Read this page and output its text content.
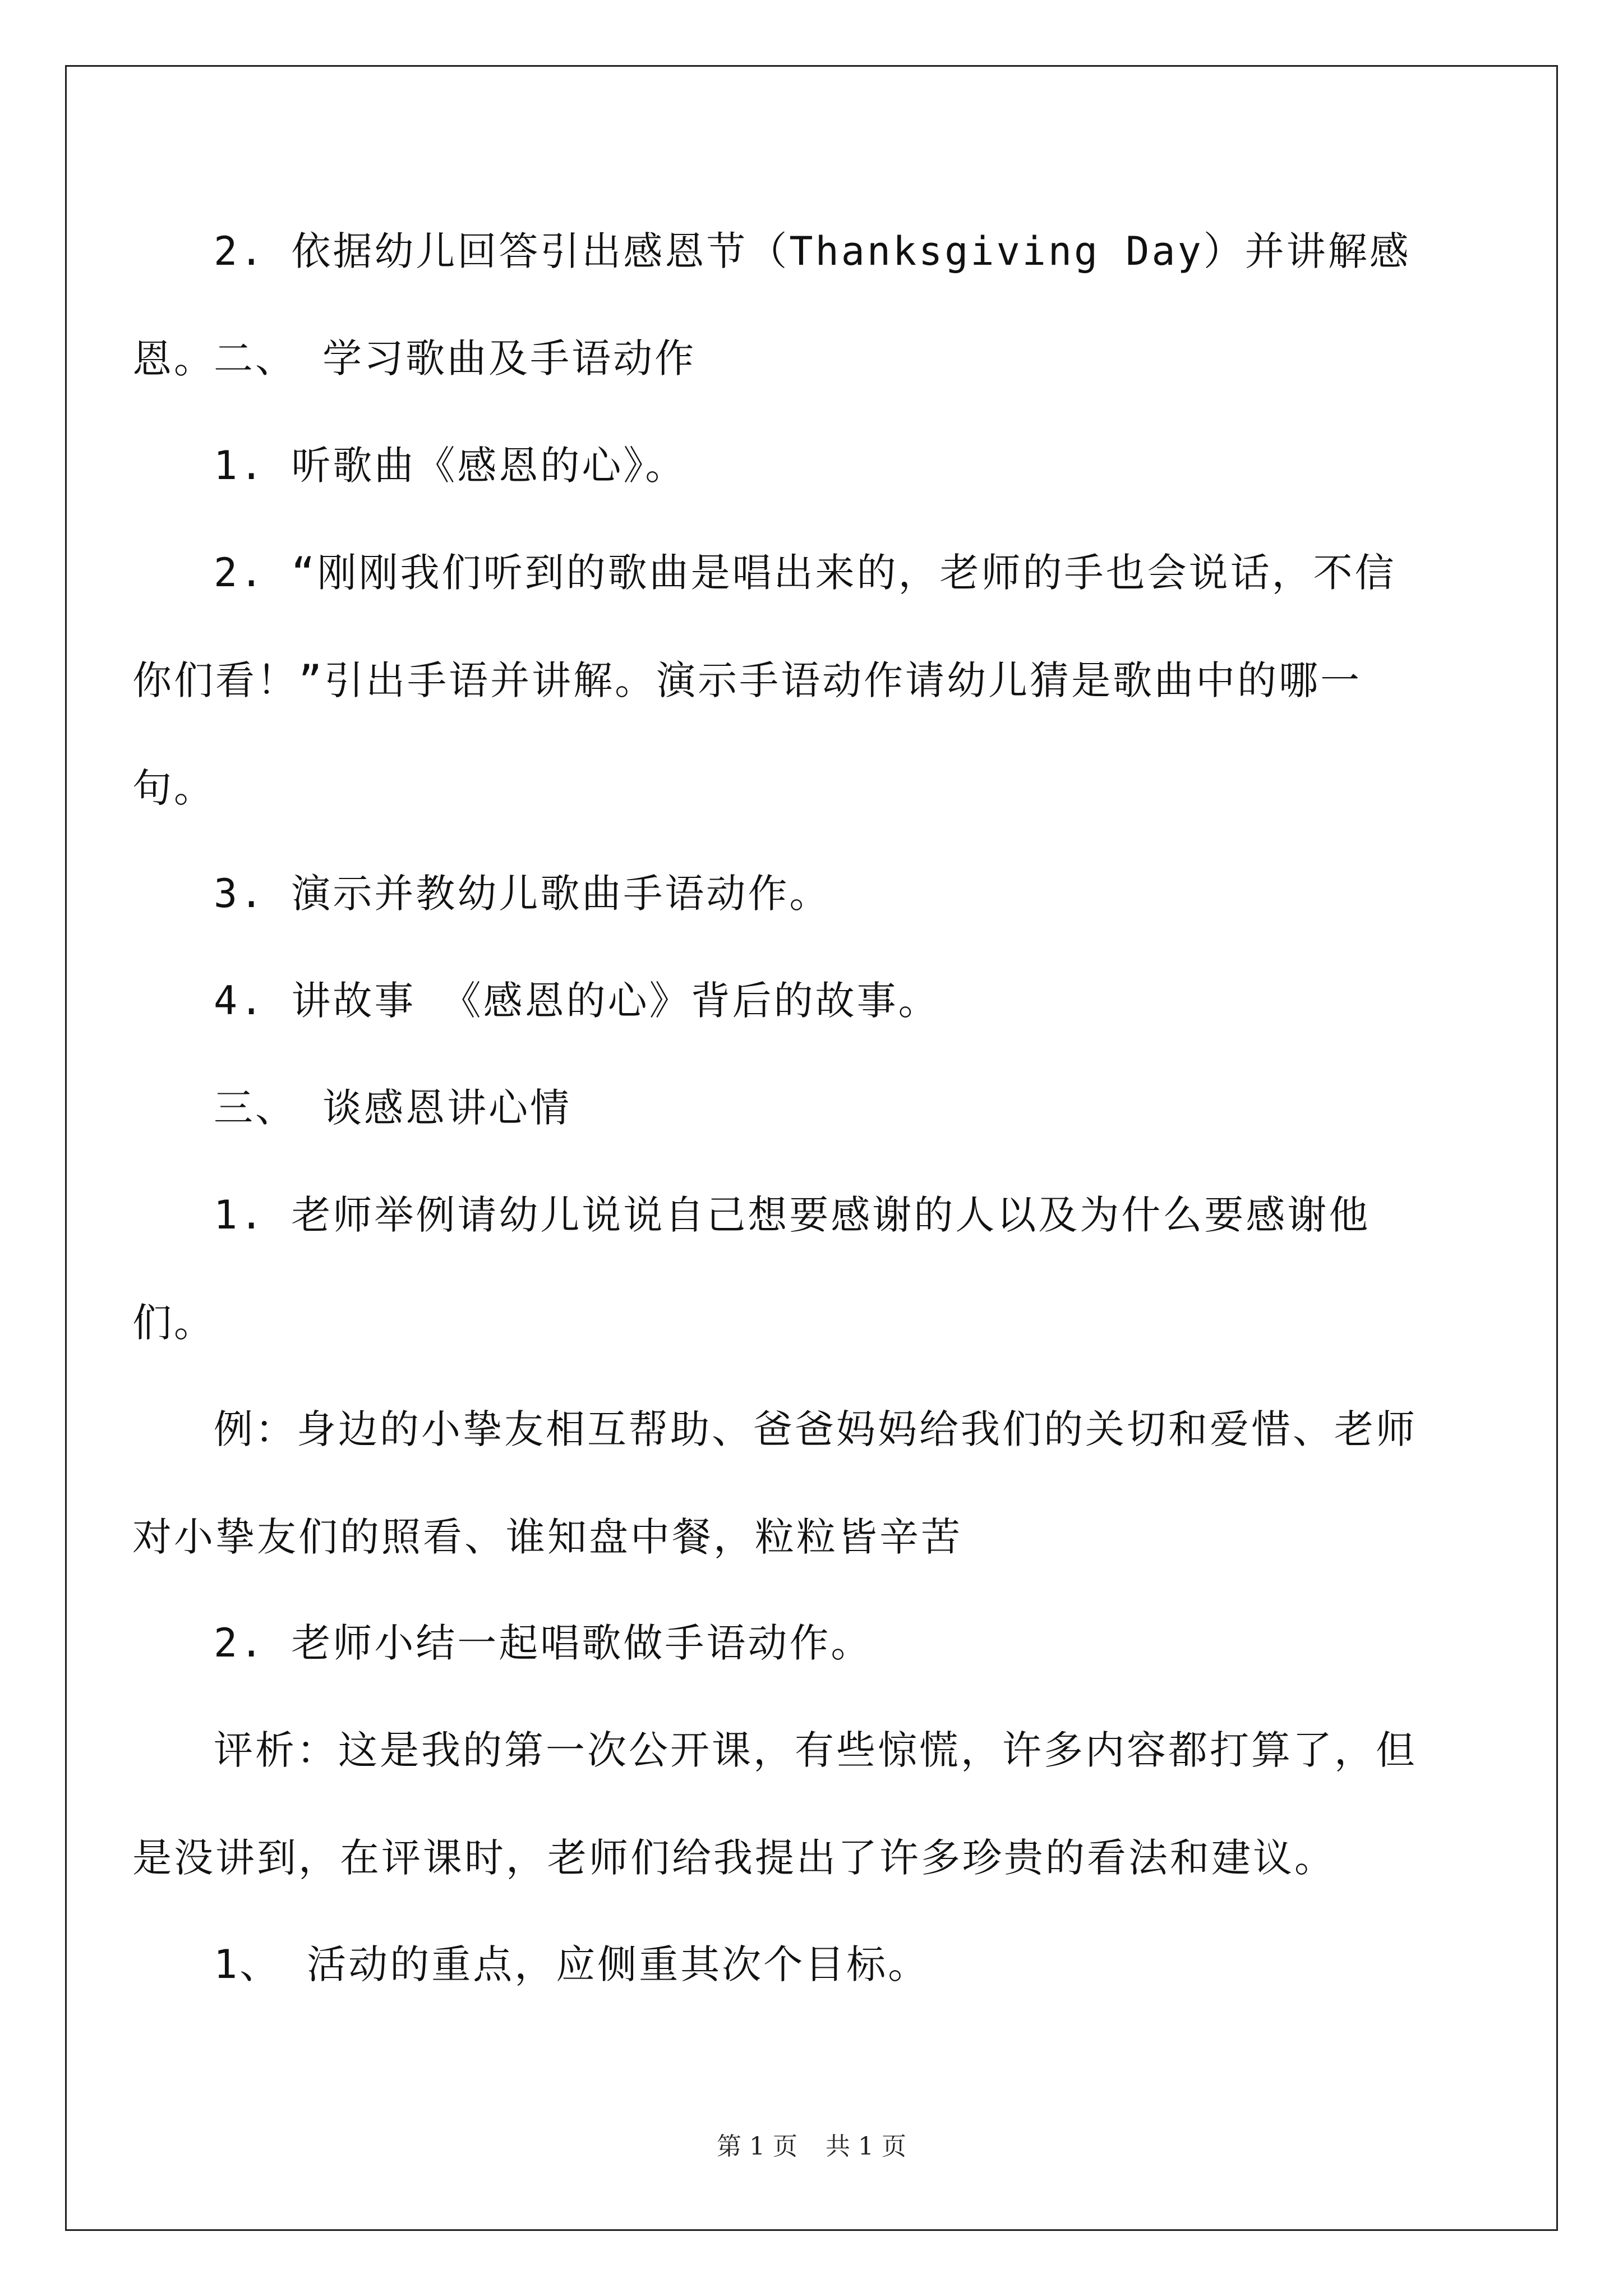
2. 依据幼儿回答引出感恩节（Thanksgiving Day）并讲解感恩。

二、 学习歌曲及手语动作

1. 听歌曲《感恩的心》。

2. “刚刚我们听到的歌曲是唱出来的，老师的手也会说话，不信你们看！”引出手语并讲解。演示手语动作请幼儿猜是歌曲中的哪一句。

3. 演示并教幼儿歌曲手语动作。

4. 讲故事 《感恩的心》背后的故事。

三、 谈感恩讲心情

1. 老师举例请幼儿说说自己想要感谢的人以及为什么要感谢他们。

例：身边的小挚友相互帮助、爸爸妈妈给我们的关切和爱惜、老师对小挚友们的照看、谁知盘中餐，粒粒皆辛苦

2. 老师小结一起唱歌做手语动作。

评析：这是我的第一次公开课，有些惊慌，许多内容都打算了，但是没讲到，在评课时，老师们给我提出了许多珍贵的看法和建议。

1、 活动的重点，应侧重其次个目标。

第 1 页 共 1 页
